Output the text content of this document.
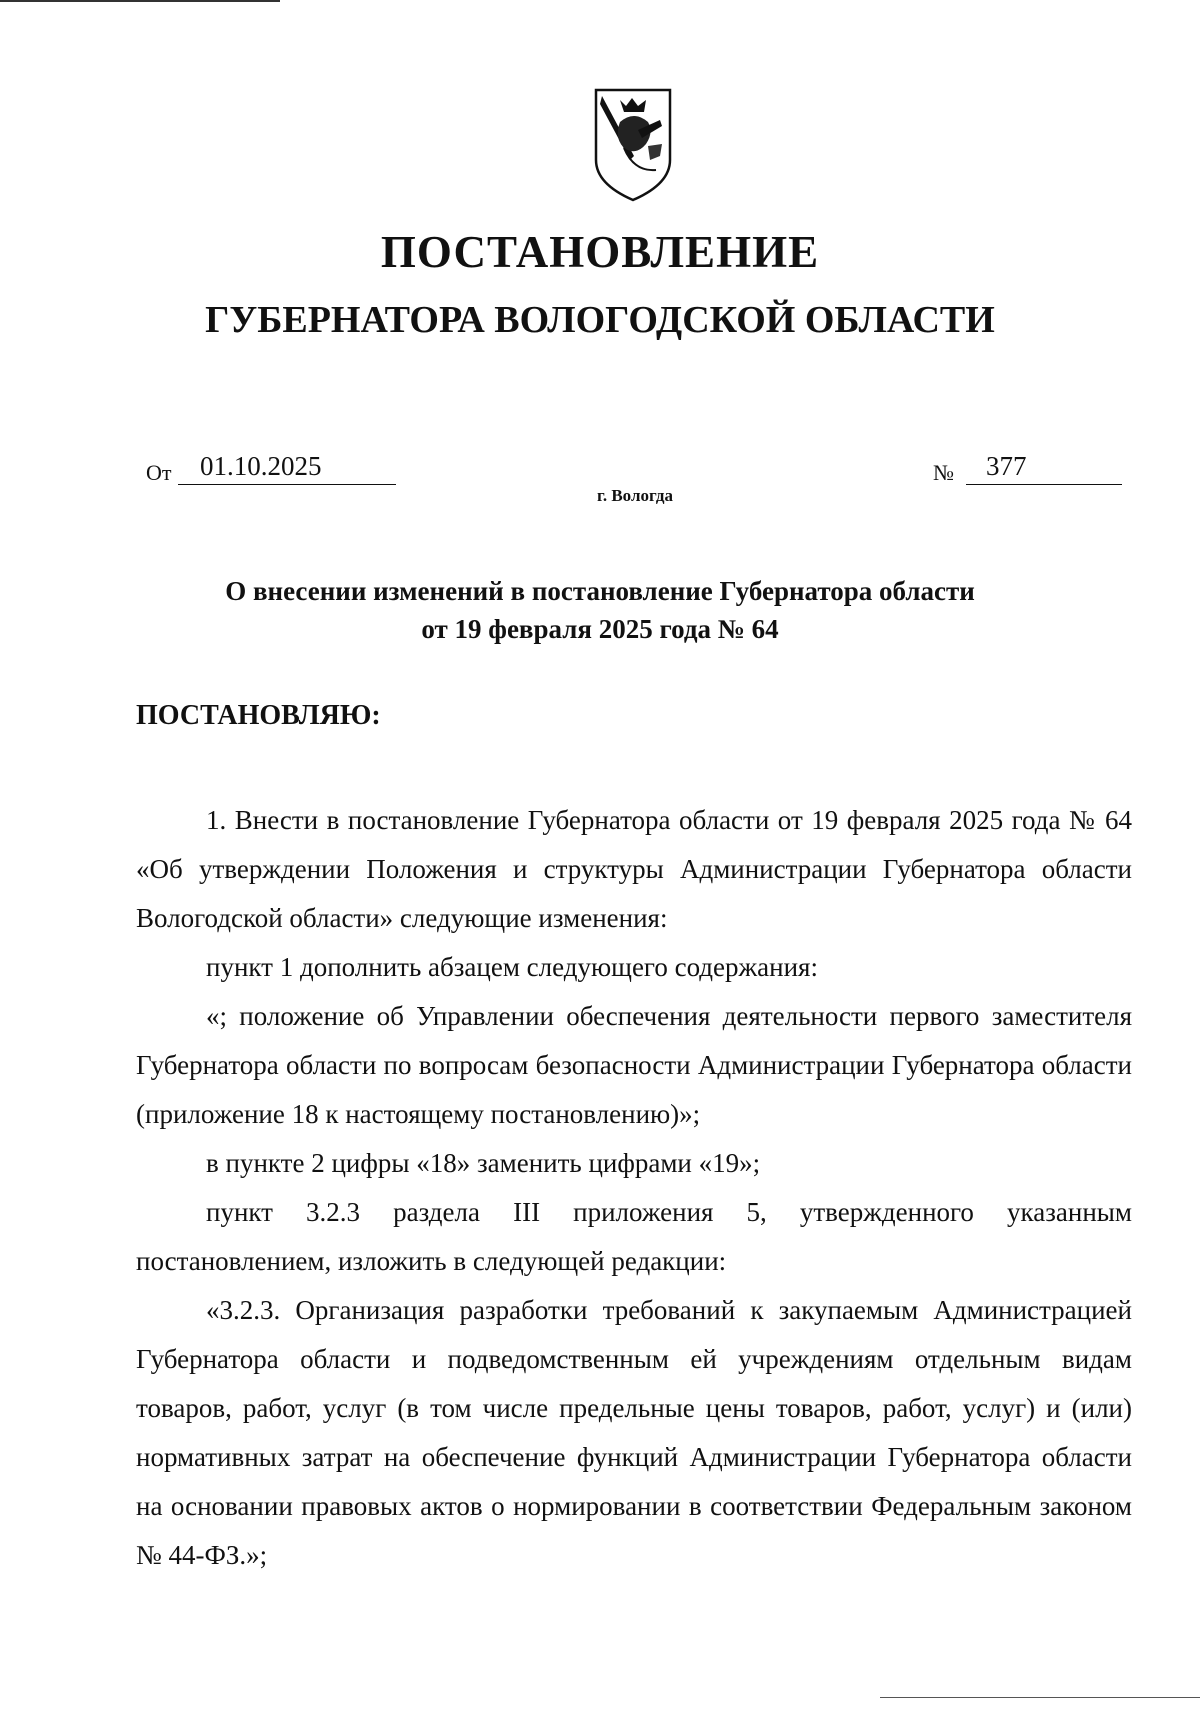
ПОСТАНОВЛЕНИЕ
ГУБЕРНАТОРА ВОЛОГОДСКОЙ ОБЛАСТИ
От 01.10.2025	№ 377
г. Вологда
О внесении изменений в постановление Губернатора области
от 19 февраля 2025 года № 64
ПОСТАНОВЛЯЮ:

1. Внести в постановление Губернатора области от 19 февраля 2025 года № 64 «Об утверждении Положения и структуры Администрации Губернатора области Вологодской области» следующие изменения:

пункт 1 дополнить абзацем следующего содержания:

«; положение об Управлении обеспечения деятельности первого заместителя Губернатора области по вопросам безопасности Администрации Губернатора области (приложение 18 к настоящему постановлению)»;

в пункте 2 цифры «18» заменить цифрами «19»;

пункт 3.2.3 раздела III приложения 5, утвержденного указанным постановлением, изложить в следующей редакции:

«3.2.3. Организация разработки требований к закупаемым Администрацией Губернатора области и подведомственным ей учреждениям отдельным видам товаров, работ, услуг (в том числе предельные цены товаров, работ, услуг) и (или) нормативных затрат на обеспечение функций Администрации Губернатора области на основании правовых актов о нормировании в соответствии Федеральным законом № 44-ФЗ.»;
